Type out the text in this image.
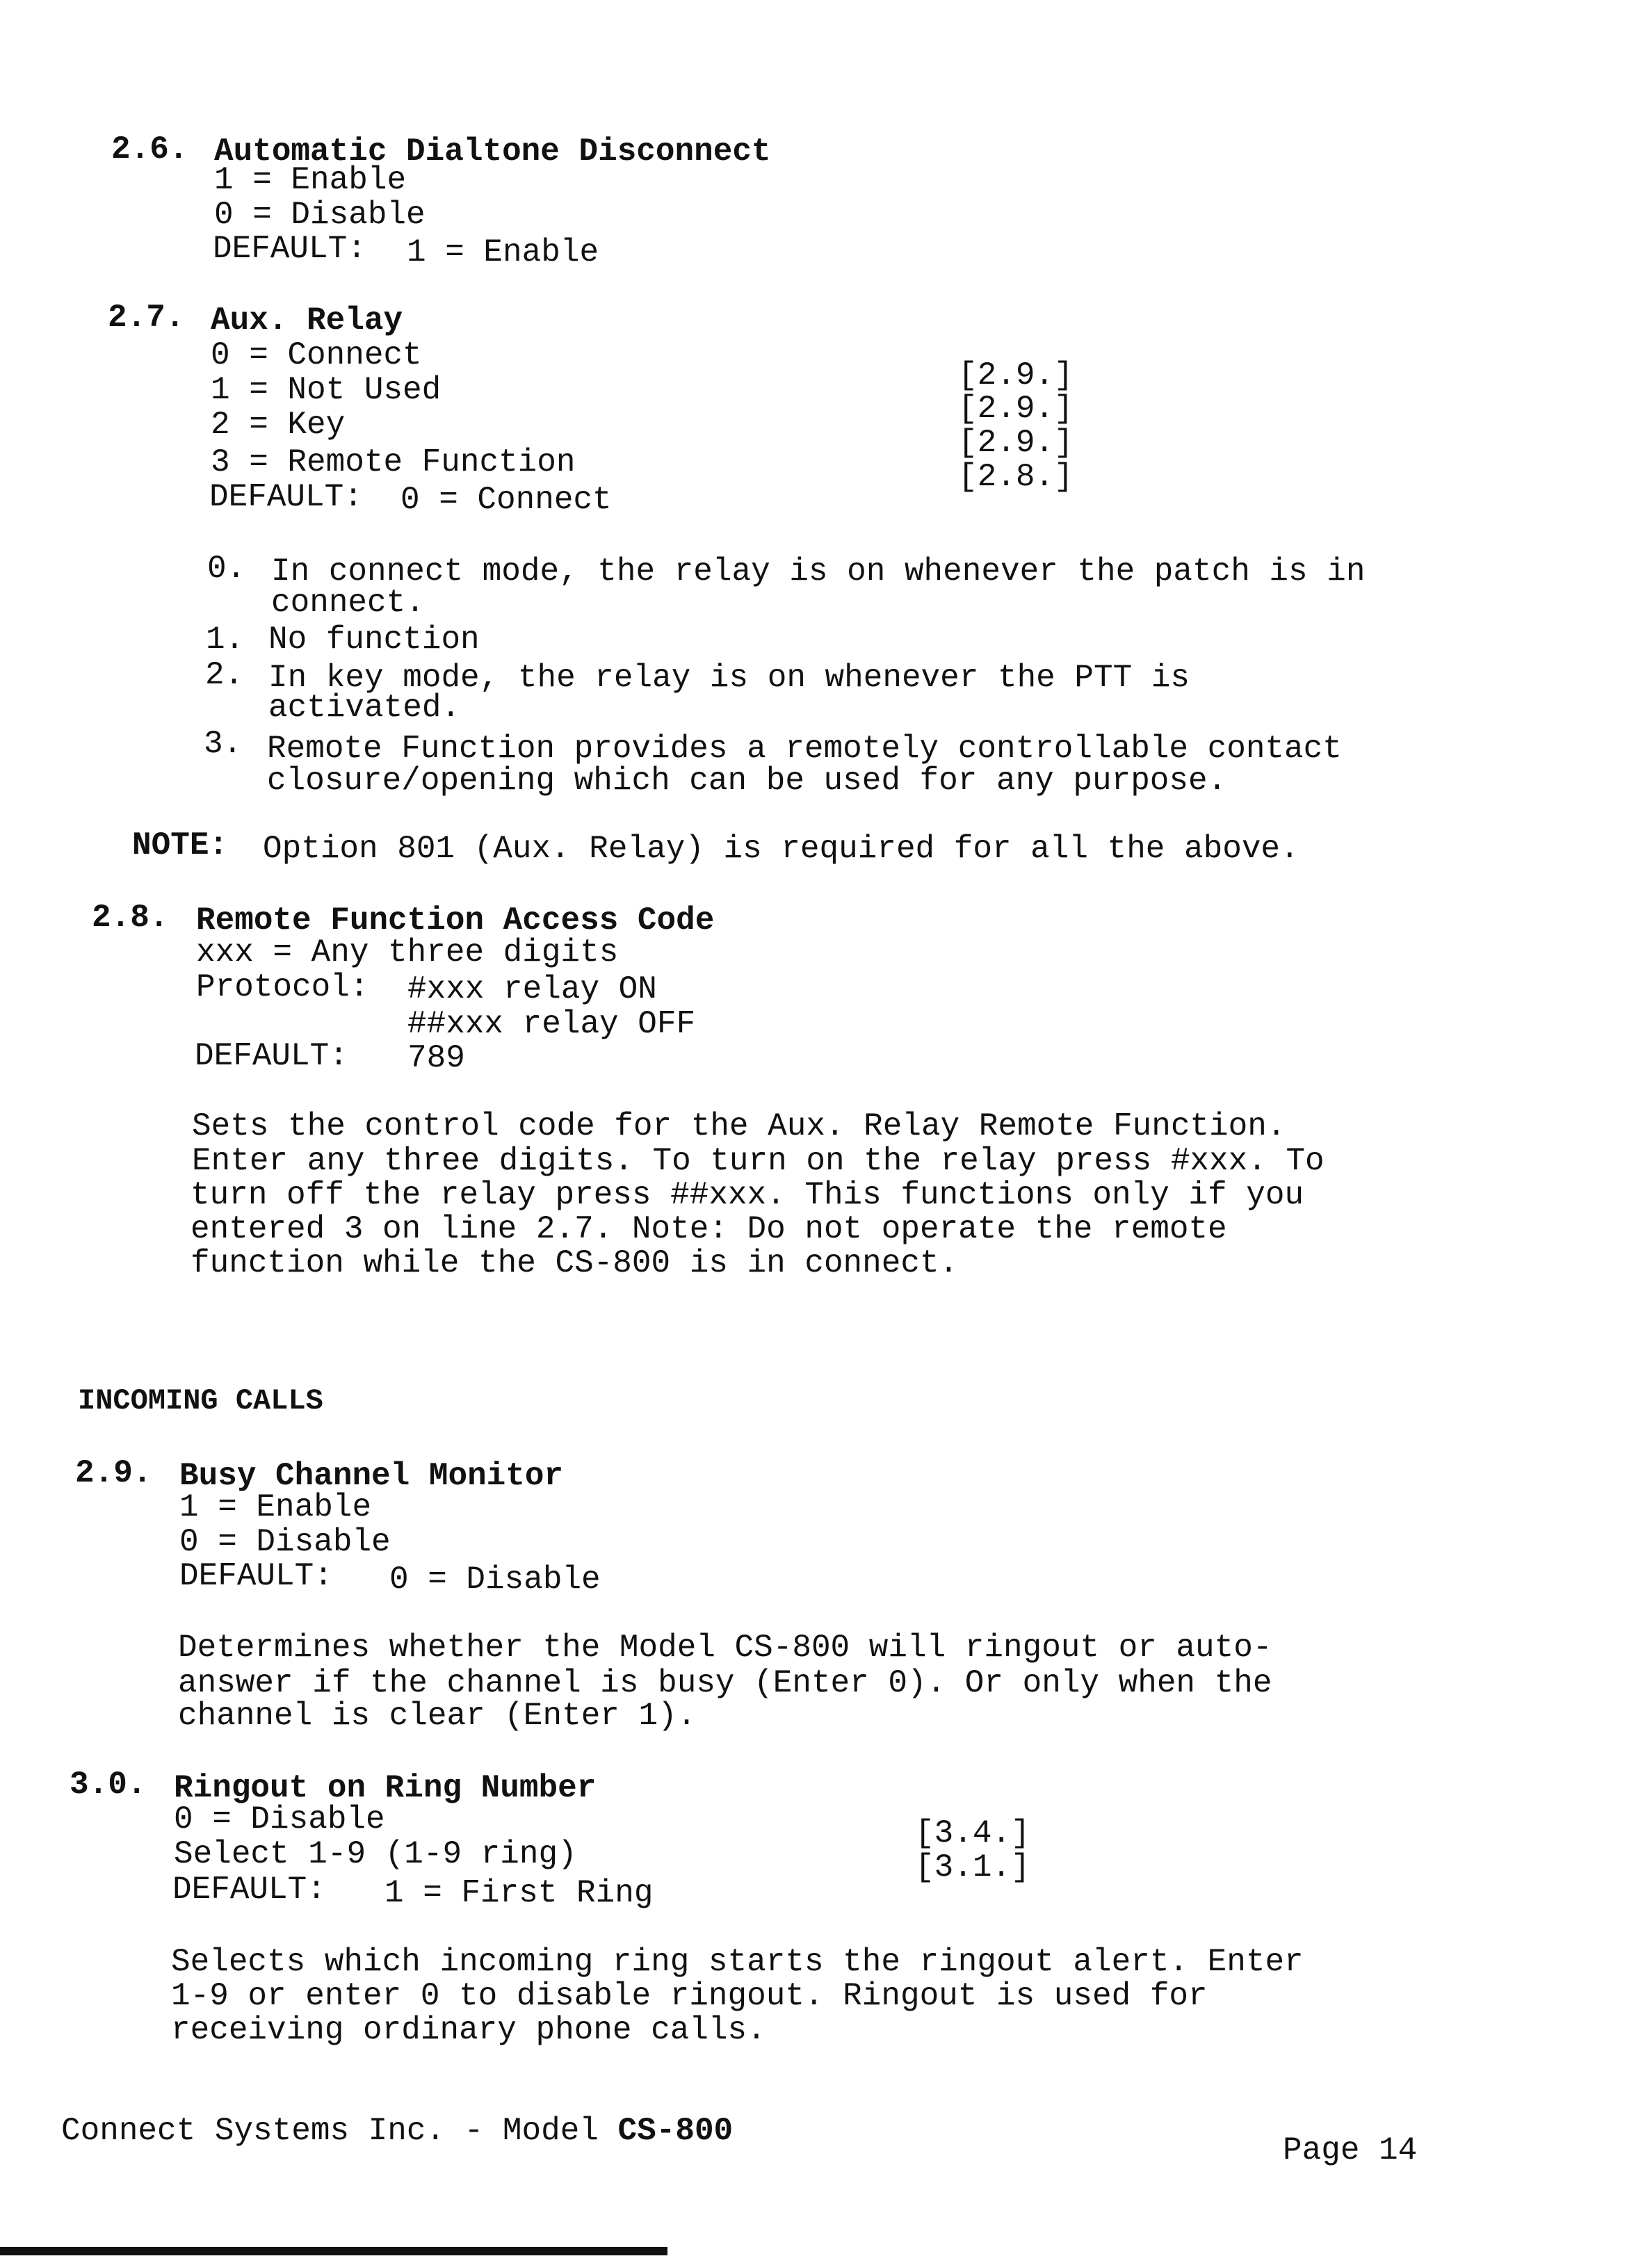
2.6. Automatic Dialtone Disconnect
1 = Enable
0 = Disable
DEFAULT: 1 = Enable
2.7. Aux. Relay
0 = Connect
1 = Not Used
2 = Key
3 = Remote Function
[2.9.]
[2.9.]
[2.9.]
[2.8.]
DEFAULT: 0 = Connect
0. In connect mode, the relay is on whenever the patch is in
connect.
1. No function
2. In key mode, the relay is on whenever the PTT is
activated.
3. Remote Function provides a remotely controllable contact
closure/opening which can be used for any purpose.
NOTE: Option 801 (Aux. Relay) is required for all the above.
2.8. Remote Function Access Code
xxx = Any three digits
Protocol: #xxx relay ON
##xxx relay OFF
DEFAULT: 789
Sets the control code for the Aux. Relay Remote Function.
Enter any three digits. To turn on the relay press #xxx. To
turn off the relay press ##xxx. This functions only if you
entered 3 on line 2.7. Note: Do not operate the remote
function while the CS-800 is in connect.
INCOMING CALLS
2.9. Busy Channel Monitor
1 = Enable
0 = Disable
DEFAULT: 0 = Disable
Determines whether the Model CS-800 will ringout or auto-
answer if the channel is busy (Enter 0). Or only when the
channel is clear (Enter 1).
3.0. Ringout on Ring Number
0 = Disable
Select 1-9 (1-9 ring)
[3.4.]
[3.1.]
DEFAULT: 1 = First Ring
Selects which incoming ring starts the ringout alert. Enter
1-9 or enter 0 to disable ringout. Ringout is used for
receiving ordinary phone calls.
Connect Systems Inc. - Model CS-800
Page 14
